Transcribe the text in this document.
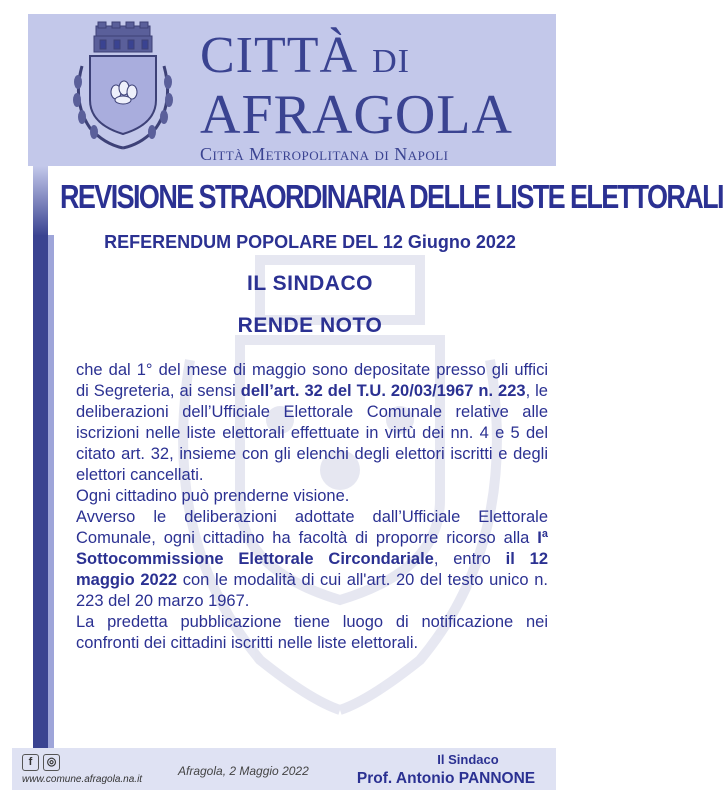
CITTÀ DI
AFRAGOLA
Città Metropolitana di Napoli
REVISIONE STRAORDINARIA DELLE LISTE ELETTORALI
REFERENDUM POPOLARE DEL 12 Giugno 2022
IL SINDACO
RENDE NOTO

che dal 1° del mese di maggio sono depositate presso gli uffici di Segreteria, ai sensi dell’art. 32 del T.U. 20/03/1967 n. 223, le deliberazioni dell’Ufficiale Elettorale Comunale relative alle iscrizioni nelle liste elettorali effettuate in virtù dei nn. 4 e 5 del citato art. 32, insieme con gli elenchi degli elettori iscritti e degli elettori cancellati.

Ogni cittadino può prenderne visione.

Avverso le deliberazioni adottate dall’Ufficiale Elettorale Comunale, ogni cittadino ha facoltà di proporre ricorso alla Iª Sottocommissione Elettorale Circondariale, entro il 12 maggio 2022 con le modalità di cui all'art. 20 del testo unico n. 223 del 20 marzo 1967.

La predetta pubblicazione tiene luogo di notificazione nei confronti dei cittadini iscritti nelle liste elettorali.

f	◎
www.comune.afragola.na.it
Afragola, 2 Maggio 2022
Il Sindaco
Prof. Antonio PANNONE
